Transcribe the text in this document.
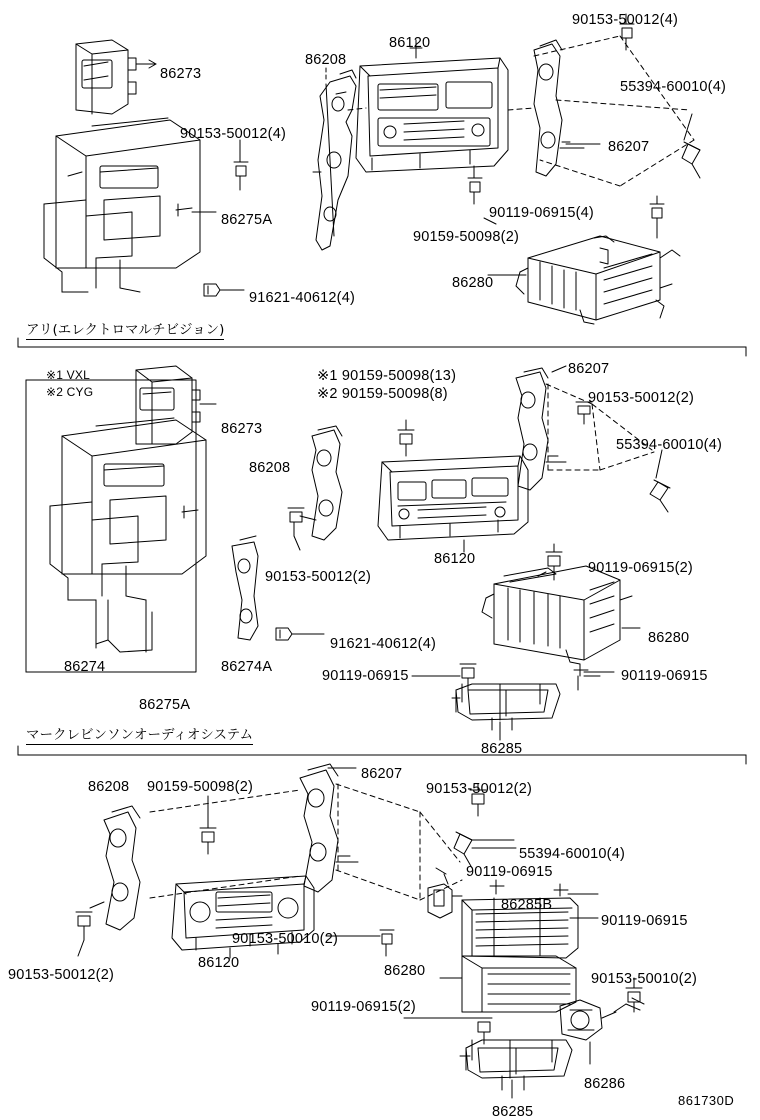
アリ(エレクトロマルチビジョン)
マークレビンソンオーディオシステム
※1 VXL
※2 CYG
※1 90159-50098(13)
※2 90159-50098(8)
86273
86208
86120
90153-50012(4)
55394-60010(4)
86207
90153-50012(4)
86275A	90119-06915(4)
90159-50098(2)
86280
91621-40612(4)
86207
90153-50012(2)
55394-60010(4)
86273
86208
86120
90153-50012(2)
90119-06915(2)
86280
91621-40612(4)
90119-06915	90119-06915
86274	86274A
86275A
86285
86208 90159-50098(2)
86207
90153-50012(2)
55394-60010(4)
90119-06915
86285B
90119-06915
90153-50010(2)
86120	86280	90153-50010(2)
90153-50012(2)
90119-06915(2)
86286
86285
861730D
